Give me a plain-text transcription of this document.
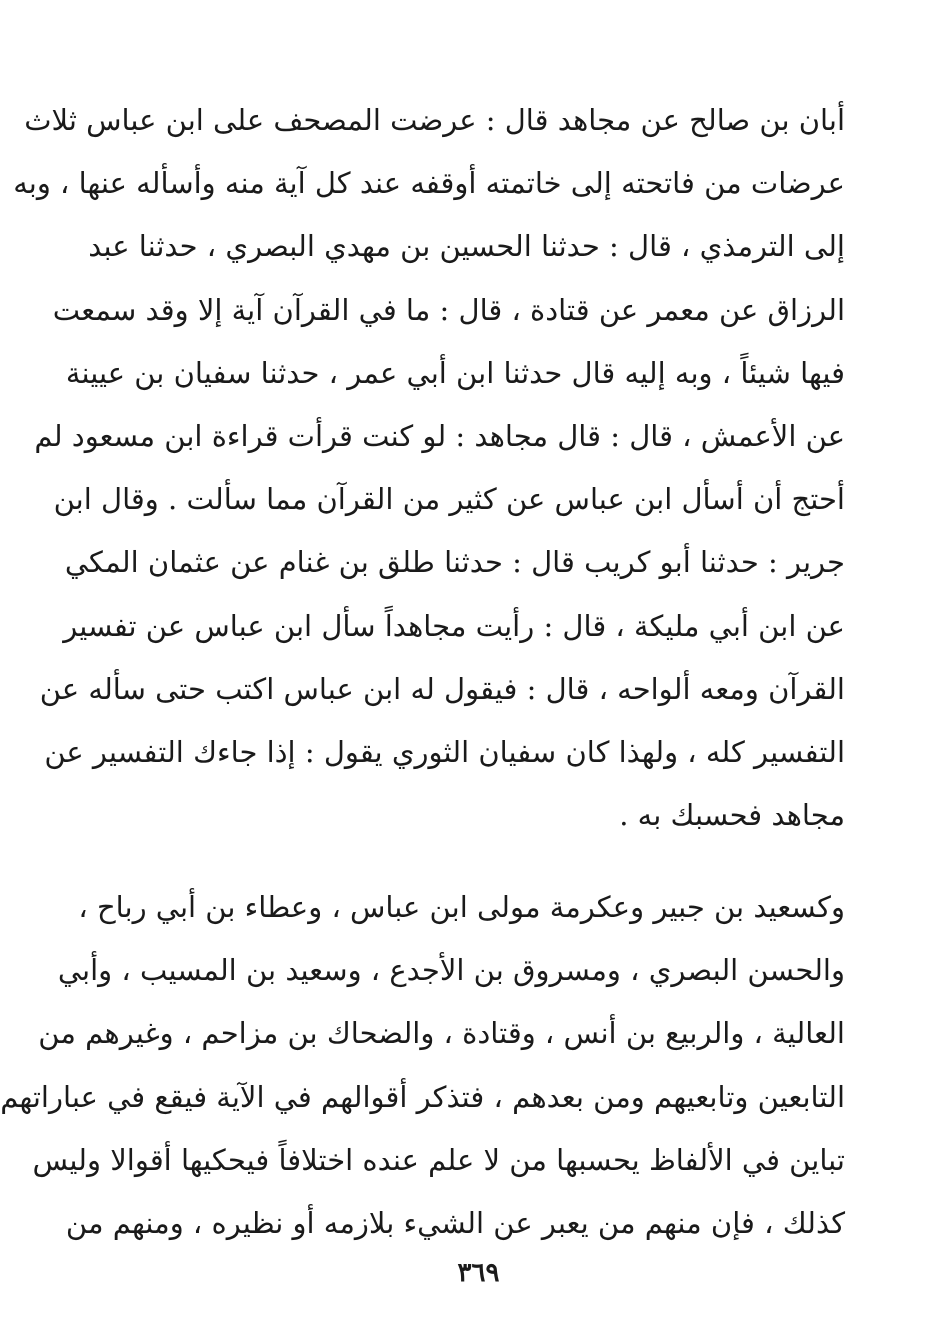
أبان بن صالح عن مجاهد قال : عرضت المصحف على ابن عباس ثلاث
عرضات من فاتحته إلى خاتمته أوقفه عند كل آية منه وأسأله عنها ، وبه
إلى الترمذي ، قال : حدثنا الحسين بن مهدي البصري ، حدثنا عبد
الرزاق عن معمر عن قتادة ، قال : ما في القرآن آية إلا وقد سمعت
فيها شيئاً ، وبه إليه قال حدثنا ابن أبي عمر ، حدثنا سفيان بن عيينة
عن الأعمش ، قال : قال مجاهد : لو كنت قرأت قراءة ابن مسعود لم
أحتج أن أسأل ابن عباس عن كثير من القرآن مما سألت . وقال ابن
جرير : حدثنا أبو كريب قال : حدثنا طلق بن غنام عن عثمان المكي
عن ابن أبي مليكة ، قال : رأيت مجاهداً سأل ابن عباس عن تفسير
القرآن ومعه ألواحه ، قال : فيقول له ابن عباس اكتب حتى سأله عن
التفسير كله ، ولهذا كان سفيان الثوري يقول : إذا جاءك التفسير عن
مجاهد فحسبك به .
وكسعيد بن جبير وعكرمة مولى ابن عباس ، وعطاء بن أبي رباح ،
والحسن البصري ، ومسروق بن الأجدع ، وسعيد بن المسيب ، وأبي
العالية ، والربيع بن أنس ، وقتادة ، والضحاك بن مزاحم ، وغيرهم من
التابعين وتابعيهم ومن بعدهم ، فتذكر أقوالهم في الآية فيقع في عباراتهم
تباين في الألفاظ يحسبها من لا علم عنده اختلافاً فيحكيها أقوالا وليس
كذلك ، فإن منهم من يعبر عن الشيء بلازمه أو نظيره ، ومنهم من
٣٦٩
